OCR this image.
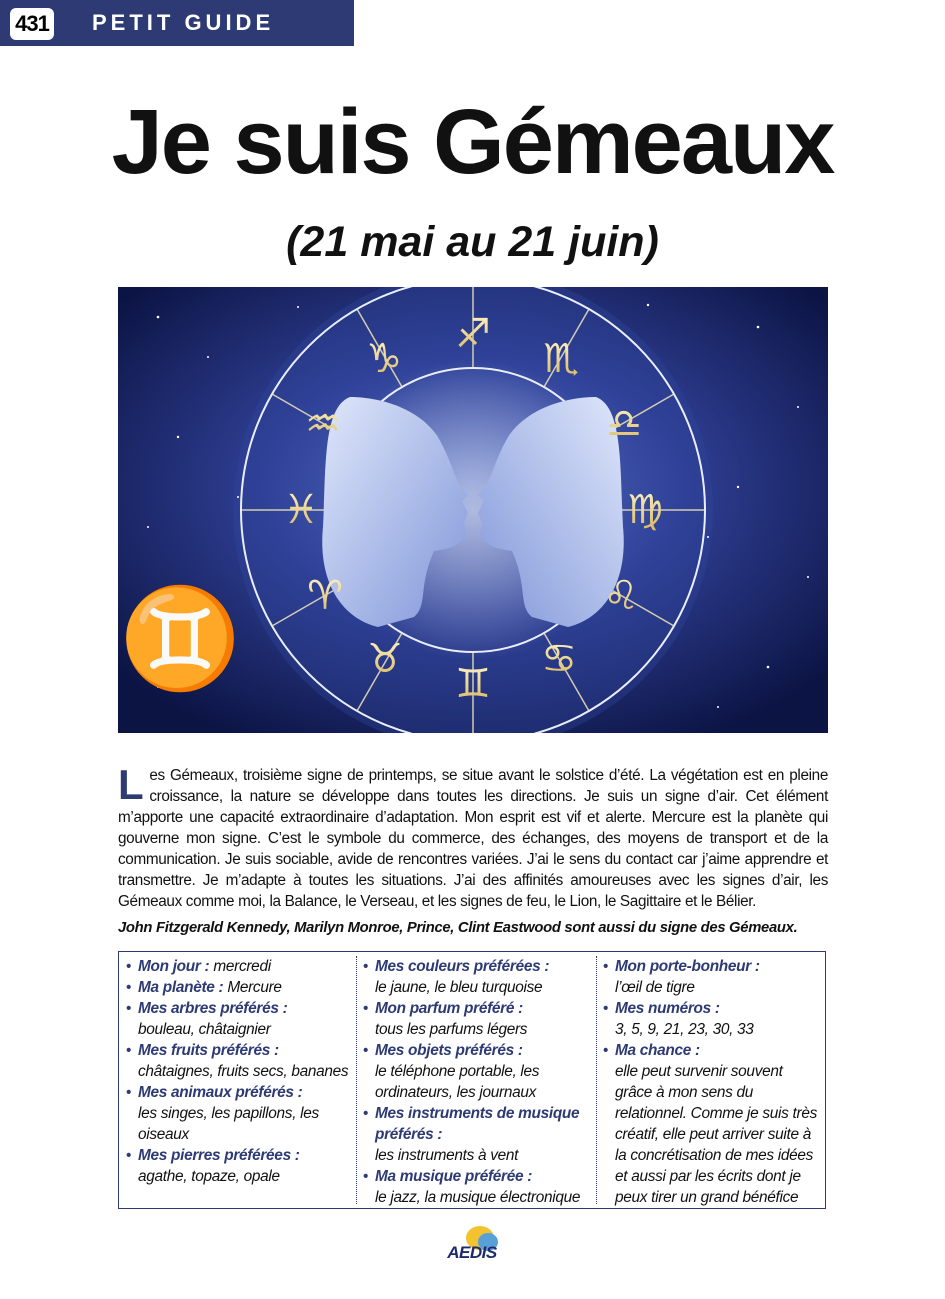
431 PETIT GUIDE
Je suis Gémeaux
(21 mai au 21 juin)
♐
♏
♎
♍
♌
♋
♊
♉
♈
♓
♒
♑
♊
Les Gémeaux, troisième signe de printemps, se situe avant le solstice d’été. La végétation est en pleine croissance, la nature se développe dans toutes les directions. Je suis un signe d’air. Cet élément m’apporte une capacité extraordinaire d’adaptation. Mon esprit est vif et alerte. Mercure est la planète qui gouverne mon signe. C’est le symbole du commerce, des échanges, des moyens de transport et de la communication. Je suis sociable, avide de rencontres variées. J’ai le sens du contact car j’aime apprendre et transmettre. Je m’adapte à toutes les situations. J’ai des affinités amoureuses avec les signes d’air, les Gémeaux comme moi, la Balance, le Verseau, et les signes de feu, le Lion, le Sagittaire et le Bélier.
John Fitzgerald Kennedy, Marilyn Monroe, Prince, Clint Eastwood sont aussi du signe des Gémeaux.
• Mon jour : mercredi
• Ma planète : Mercure
• Mes arbres préférés :
bouleau, châtaignier
• Mes fruits préférés :
châtaignes, fruits secs, bananes
• Mes animaux préférés :
les singes, les papillons, les oiseaux
• Mes pierres préférées :
agathe, topaze, opale
• Mes couleurs préférées :
le jaune, le bleu turquoise
• Mon parfum préféré :
tous les parfums légers
• Mes objets préférés :
le téléphone portable, les ordinateurs, les journaux
• Mes instruments de musique préférés :
les instruments à vent
• Ma musique préférée :
le jazz, la musique électronique
• Mon porte-bonheur :
l’œil de tigre
• Mes numéros :
3, 5, 9, 21, 23, 30, 33
• Ma chance :
elle peut survenir souvent grâce à mon sens du relationnel. Comme je suis très créatif, elle peut arriver suite à la concrétisation de mes idées et aussi par les écrits dont je peux tirer un grand bénéfice
AEDIS
